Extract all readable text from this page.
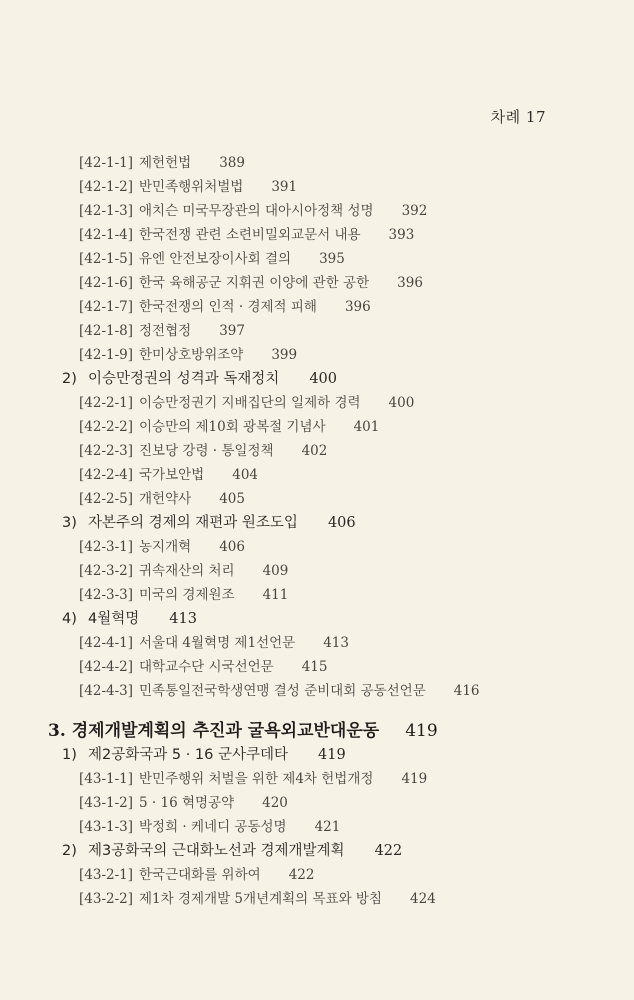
차례 17
[42-1-1] 제헌헌법 389
[42-1-2] 반민족행위처벌법 391
[42-1-3] 애치슨 미국무장관의 대아시아정책 성명 392
[42-1-4] 한국전쟁 관련 소련비밀외교문서 내용 393
[42-1-5] 유엔 안전보장이사회 결의 395
[42-1-6] 한국 육해공군 지휘권 이양에 관한 공한 396
[42-1-7] 한국전쟁의 인적 · 경제적 피해 396
[42-1-8] 정전협정 397
[42-1-9] 한미상호방위조약 399
2) 이승만정권의 성격과 독재정치 400
[42-2-1] 이승만정권기 지배집단의 일제하 경력 400
[42-2-2] 이승만의 제10회 광복절 기념사 401
[42-2-3] 진보당 강령 · 통일정책 402
[42-2-4] 국가보안법 404
[42-2-5] 개헌약사 405
3) 자본주의 경제의 재편과 원조도입 406
[42-3-1] 농지개혁 406
[42-3-2] 귀속재산의 처리 409
[42-3-3] 미국의 경제원조 411
4) 4월혁명 413
[42-4-1] 서울대 4월혁명 제1선언문 413
[42-4-2] 대학교수단 시국선언문 415
[42-4-3] 민족통일전국학생연맹 결성 준비대회 공동선언문 416
3. 경제개발계획의 추진과 굴욕외교반대운동 419
1) 제2공화국과 5 · 16 군사쿠데타 419
[43-1-1] 반민주행위 처벌을 위한 제4차 헌법개정 419
[43-1-2] 5 · 16 혁명공약 420
[43-1-3] 박정희 · 케네디 공동성명 421
2) 제3공화국의 근대화노선과 경제개발계획 422
[43-2-1] 한국근대화를 위하여 422
[43-2-2] 제1차 경제개발 5개년계획의 목표와 방침 424
